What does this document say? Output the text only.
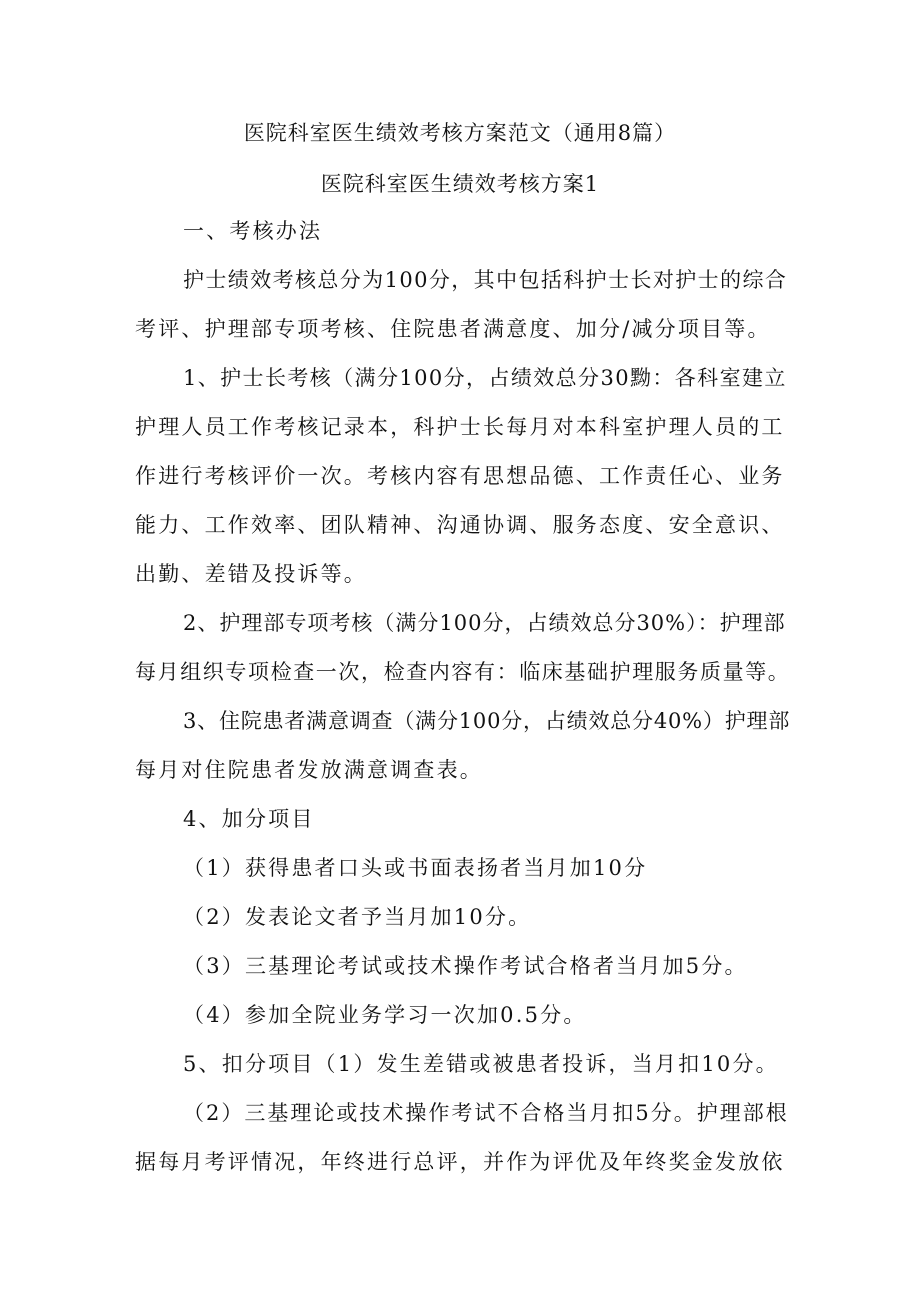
医院科室医生绩效考核方案范文（通用8篇）
医院科室医生绩效考核方案1
一、考核办法
护士绩效考核总分为100分，其中包括科护士长对护士的综合
考评、护理部专项考核、住院患者满意度、加分/减分项目等。
1、护士长考核（满分100分，占绩效总分30黝：各科室建立
护理人员工作考核记录本，科护士长每月对本科室护理人员的工
作进行考核评价一次。考核内容有思想品德、工作责任心、业务
能力、工作效率、团队精神、沟通协调、服务态度、安全意识、
出勤、差错及投诉等。
2、护理部专项考核（满分100分，占绩效总分30%）：护理部
每月组织专项检查一次，检查内容有：临床基础护理服务质量等。
3、住院患者满意调查（满分100分，占绩效总分40%）护理部
每月对住院患者发放满意调查表。
4、加分项目
（1）获得患者口头或书面表扬者当月加10分
（2）发表论文者予当月加10分。
（3）三基理论考试或技术操作考试合格者当月加5分。
（4）参加全院业务学习一次加0.5分。
5、扣分项目（1）发生差错或被患者投诉，当月扣10分。
（2）三基理论或技术操作考试不合格当月扣5分。护理部根
据每月考评情况，年终进行总评，并作为评优及年终奖金发放依
